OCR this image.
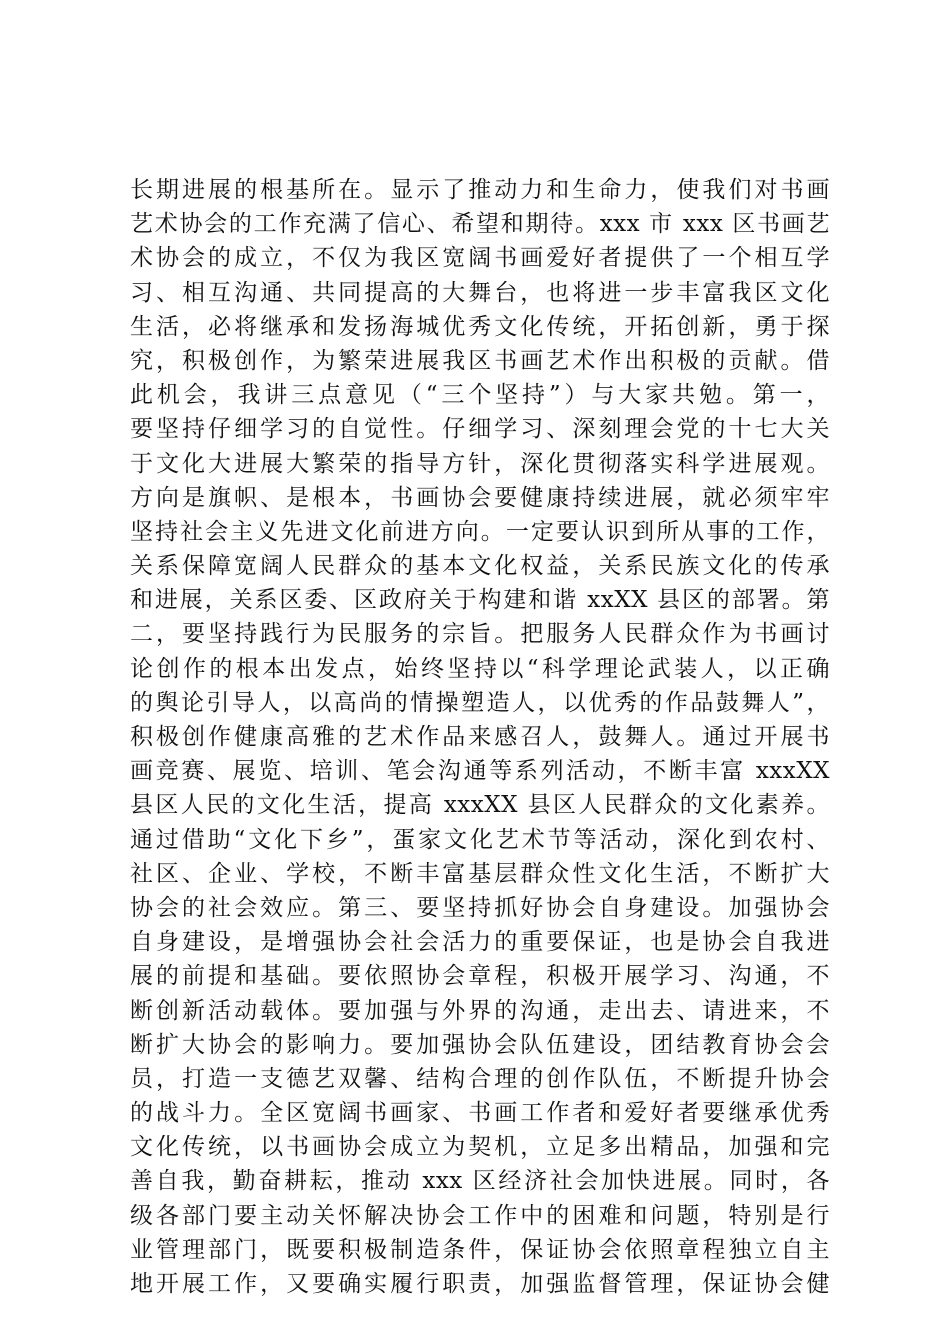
长期进展的根基所在。显示了推动力和生命力，使我们对书画
艺术协会的工作充满了信心、希望和期待。xxx 市 xxx 区书画艺
术协会的成立，不仅为我区宽阔书画爱好者提供了一个相互学
习、相互沟通、共同提高的大舞台，也将进一步丰富我区文化
生活，必将继承和发扬海城优秀文化传统，开拓创新，勇于探
究，积极创作，为繁荣进展我区书画艺术作出积极的贡献。借
此机会，我讲三点意见（“三个坚持”）与大家共勉。第一，
要坚持仔细学习的自觉性。仔细学习、深刻理会党的十七大关
于文化大进展大繁荣的指导方针，深化贯彻落实科学进展观。
方向是旗帜、是根本，书画协会要健康持续进展，就必须牢牢
坚持社会主义先进文化前进方向。一定要认识到所从事的工作，
关系保障宽阔人民群众的基本文化权益，关系民族文化的传承
和进展，关系区委、区政府关于构建和谐 xxXX 县区的部署。第
二，要坚持践行为民服务的宗旨。把服务人民群众作为书画讨
论创作的根本出发点，始终坚持以“科学理论武装人，以正确
的舆论引导人，以高尚的情操塑造人，以优秀的作品鼓舞人”，
积极创作健康高雅的艺术作品来感召人，鼓舞人。通过开展书
画竞赛、展览、培训、笔会沟通等系列活动，不断丰富 xxxXX
县区人民的文化生活，提高 xxxXX 县区人民群众的文化素养。
通过借助“文化下乡”，蛋家文化艺术节等活动，深化到农村、
社区、企业、学校，不断丰富基层群众性文化生活，不断扩大
协会的社会效应。第三、要坚持抓好协会自身建设。加强协会
自身建设，是增强协会社会活力的重要保证，也是协会自我进
展的前提和基础。要依照协会章程，积极开展学习、沟通，不
断创新活动载体。要加强与外界的沟通，走出去、请进来，不
断扩大协会的影响力。要加强协会队伍建设，团结教育协会会
员，打造一支德艺双馨、结构合理的创作队伍，不断提升协会
的战斗力。全区宽阔书画家、书画工作者和爱好者要继承优秀
文化传统，以书画协会成立为契机，立足多出精品，加强和完
善自我，勤奋耕耘，推动 xxx 区经济社会加快进展。同时，各
级各部门要主动关怀解决协会工作中的困难和问题，特别是行
业管理部门，既要积极制造条件，保证协会依照章程独立自主
地开展工作，又要确实履行职责，加强监督管理，保证协会健
